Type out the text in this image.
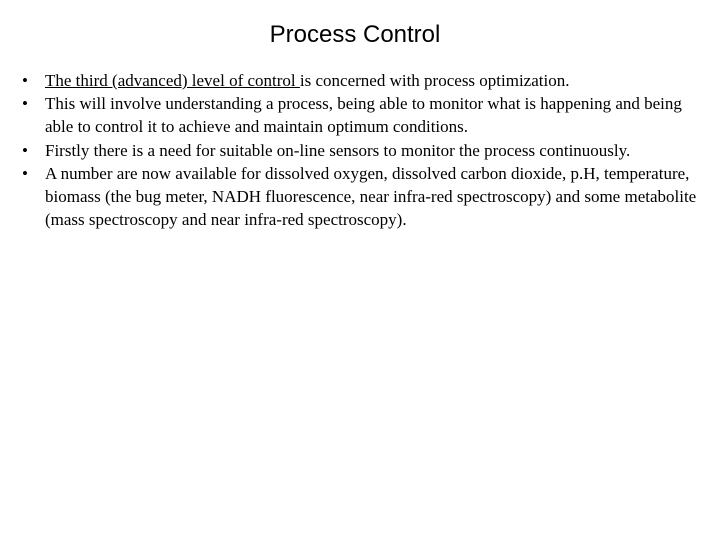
Process Control
• The third (advanced) level of control is concerned with process optimization.
• This will involve understanding a process, being able to monitor what is happening and being able to control it to achieve and maintain optimum conditions.
• Firstly there is a need for suitable on-line sensors to monitor the process continuously.
• A number are now available for dissolved oxygen, dissolved carbon dioxide, p.H, temperature, biomass (the bug meter, NADH fluorescence, near infra-red spectroscopy) and some metabolite (mass spectroscopy and near infra-red spectroscopy).
